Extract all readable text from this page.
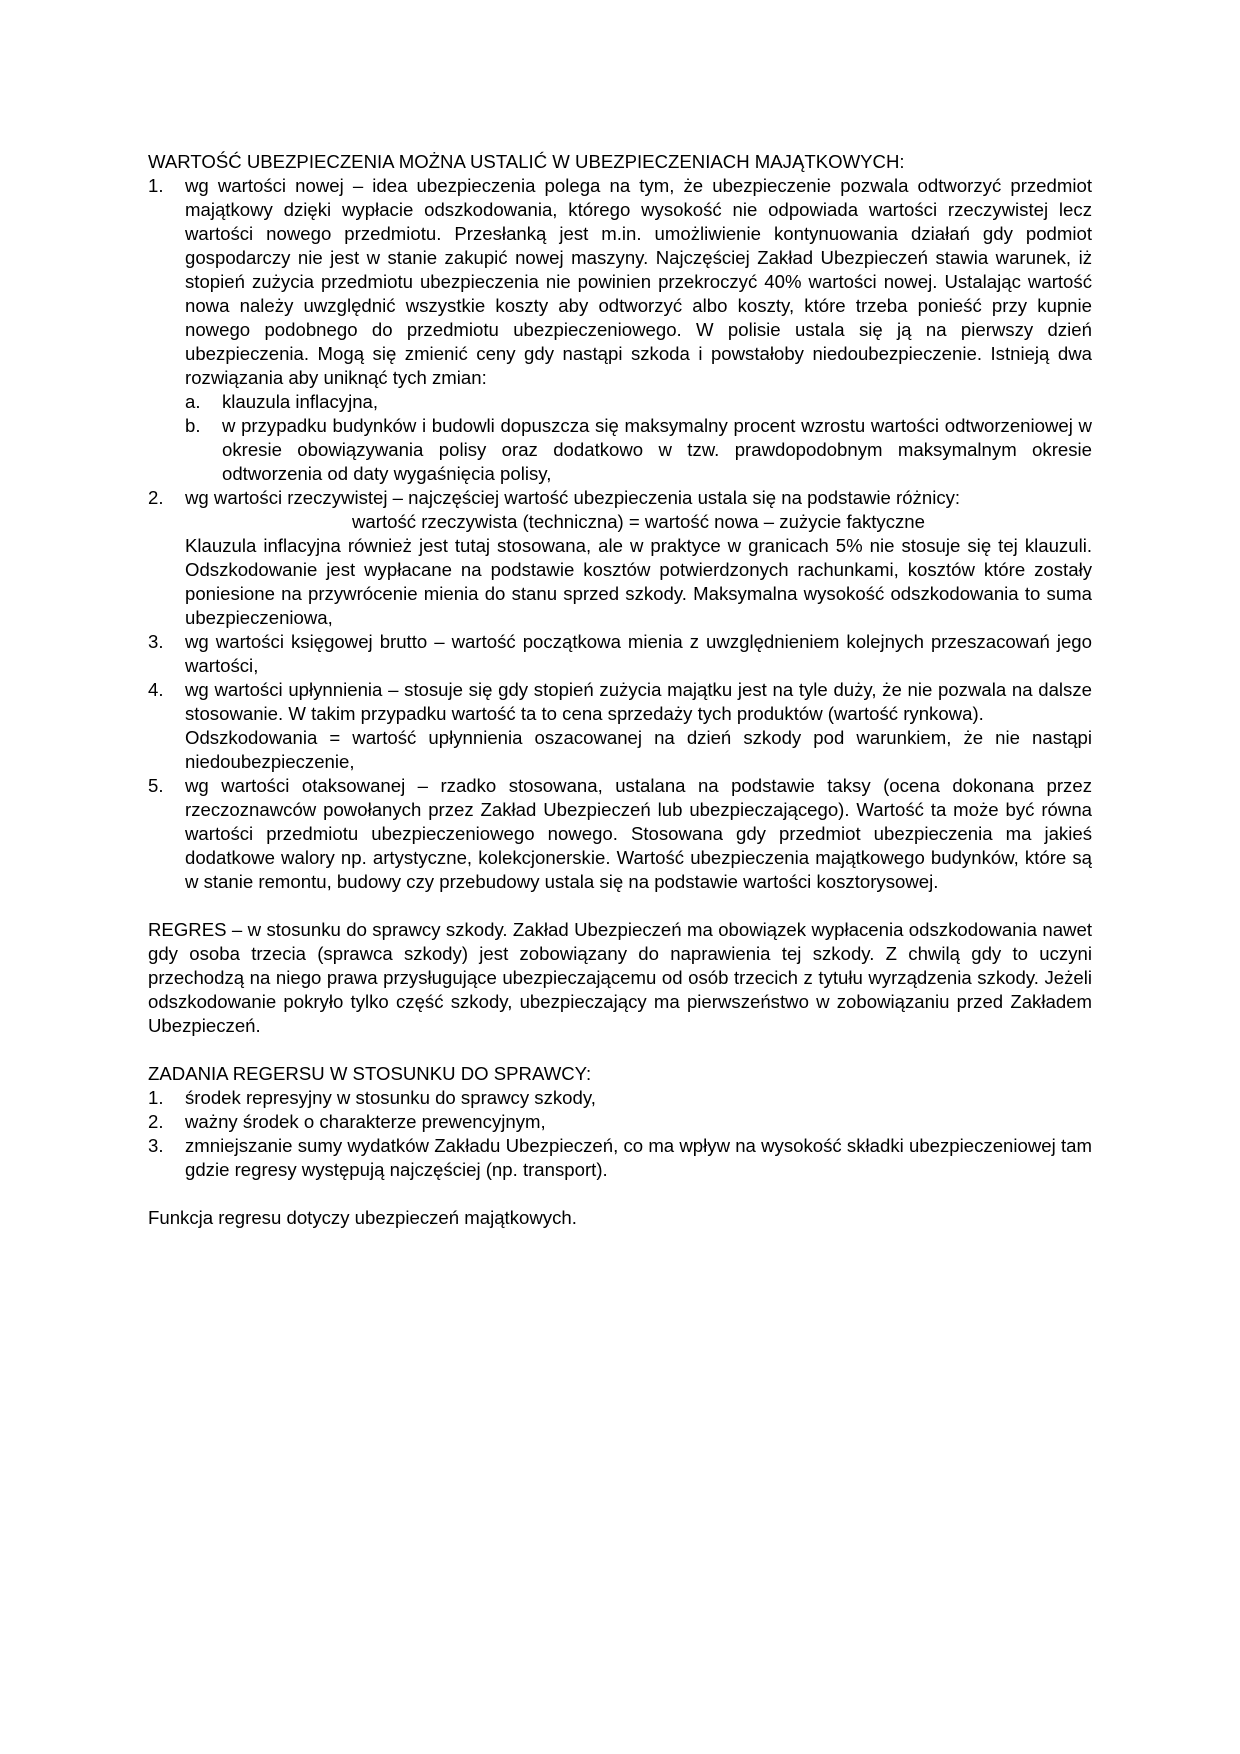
WARTOŚĆ UBEZPIECZENIA MOŻNA USTALIĆ W UBEZPIECZENIACH MAJĄTKOWYCH:

1. wg wartości nowej – idea ubezpieczenia polega na tym, że ubezpieczenie pozwala odtworzyć przedmiot majątkowy dzięki wypłacie odszkodowania, którego wysokość nie odpowiada wartości rzeczywistej lecz wartości nowego przedmiotu. Przesłanką jest m.in. umożliwienie kontynuowania działań gdy podmiot gospodarczy nie jest w stanie zakupić nowej maszyny. Najczęściej Zakład Ubezpieczeń stawia warunek, iż stopień zużycia przedmiotu ubezpieczenia nie powinien przekroczyć 40% wartości nowej. Ustalając wartość nowa należy uwzględnić wszystkie koszty aby odtworzyć albo koszty, które trzeba ponieść przy kupnie nowego podobnego do przedmiotu ubezpieczeniowego. W polisie ustala się ją na pierwszy dzień ubezpieczenia. Mogą się zmienić ceny gdy nastąpi szkoda i powstałoby niedoubezpieczenie. Istnieją dwa rozwiązania aby uniknąć tych zmian:

a. klauzula inflacyjna,

b. w przypadku budynków i budowli dopuszcza się maksymalny procent wzrostu wartości odtworzeniowej w okresie obowiązywania polisy oraz dodatkowo w tzw. prawdopodobnym maksymalnym okresie odtworzenia od daty wygaśnięcia polisy,

2. wg wartości rzeczywistej – najczęściej wartość ubezpieczenia ustala się na podstawie różnicy:

wartość rzeczywista (techniczna) = wartość nowa – zużycie faktyczne

Klauzula inflacyjna również jest tutaj stosowana, ale w praktyce w granicach 5% nie stosuje się tej klauzuli. Odszkodowanie jest wypłacane na podstawie kosztów potwierdzonych rachunkami, kosztów które zostały poniesione na przywrócenie mienia do stanu sprzed szkody. Maksymalna wysokość odszkodowania to suma ubezpieczeniowa,

3. wg wartości księgowej brutto – wartość początkowa mienia z uwzględnieniem kolejnych przeszacowań jego wartości,

4. wg wartości upłynnienia – stosuje się gdy stopień zużycia majątku jest na tyle duży, że nie pozwala na dalsze stosowanie. W takim przypadku wartość ta to cena sprzedaży tych produktów (wartość rynkowa).

Odszkodowania = wartość upłynnienia oszacowanej na dzień szkody pod warunkiem, że nie nastąpi niedoubezpieczenie,

5. wg wartości otaksowanej – rzadko stosowana, ustalana na podstawie taksy (ocena dokonana przez rzeczoznawców powołanych przez Zakład Ubezpieczeń lub ubezpieczającego). Wartość ta może być równa wartości przedmiotu ubezpieczeniowego nowego. Stosowana gdy przedmiot ubezpieczenia ma jakieś dodatkowe walory np. artystyczne, kolekcjonerskie. Wartość ubezpieczenia majątkowego budynków, które są w stanie remontu, budowy czy przebudowy ustala się na podstawie wartości kosztorysowej.

REGRES – w stosunku do sprawcy szkody. Zakład Ubezpieczeń ma obowiązek wypłacenia odszkodowania nawet gdy osoba trzecia (sprawca szkody) jest zobowiązany do naprawienia tej szkody. Z chwilą gdy to uczyni przechodzą na niego prawa przysługujące ubezpieczającemu od osób trzecich z tytułu wyrządzenia szkody. Jeżeli odszkodowanie pokryło tylko część szkody, ubezpieczający ma pierwszeństwo w zobowiązaniu przed Zakładem Ubezpieczeń.

ZADANIA REGERSU W STOSUNKU DO SPRAWCY:

1. środek represyjny w stosunku do sprawcy szkody,

2. ważny środek o charakterze prewencyjnym,

3. zmniejszanie sumy wydatków Zakładu Ubezpieczeń, co ma wpływ na wysokość składki ubezpieczeniowej tam gdzie regresy występują najczęściej (np. transport).

Funkcja regresu dotyczy ubezpieczeń majątkowych.
